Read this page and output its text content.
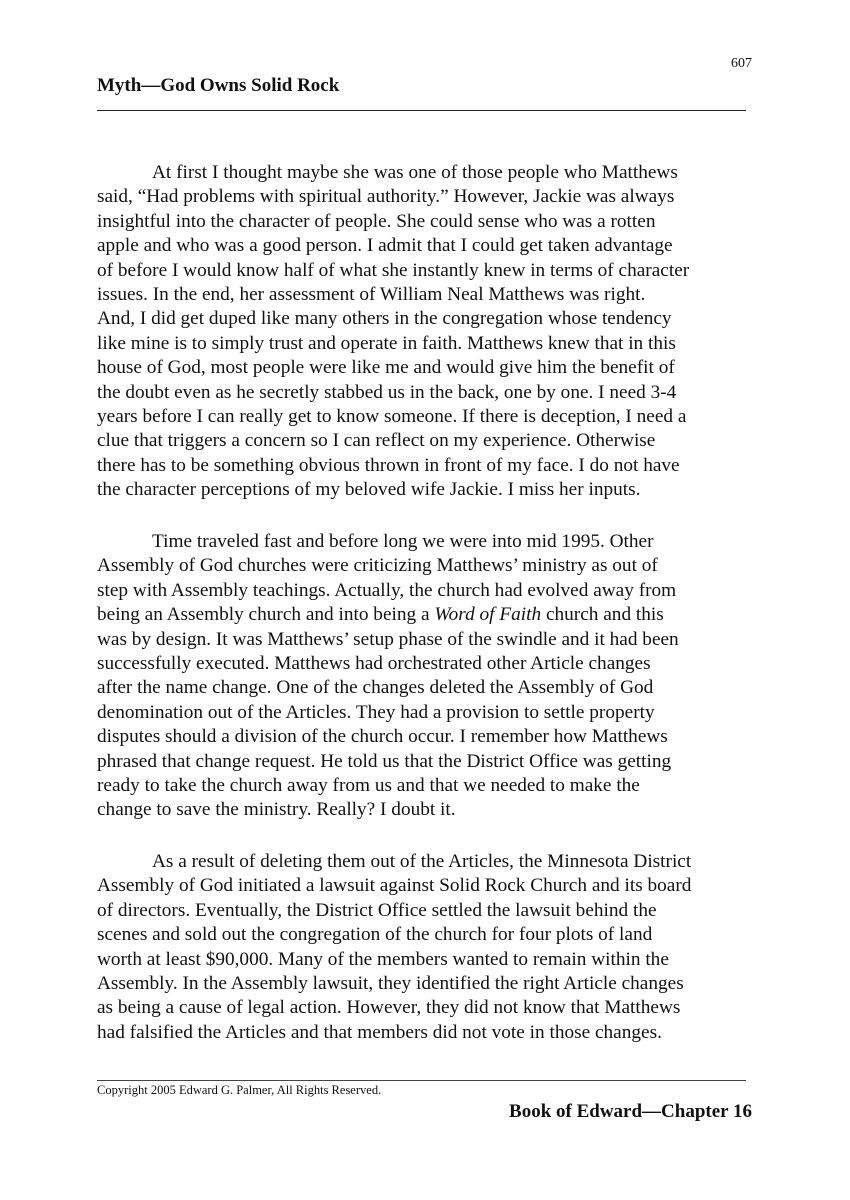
607
Myth—God Owns Solid Rock
At first I thought maybe she was one of those people who Matthews
said, “Had problems with spiritual authority.” However, Jackie was always
insightful into the character of people. She could sense who was a rotten
apple and who was a good person. I admit that I could get taken advantage
of before I would know half of what she instantly knew in terms of character
issues. In the end, her assessment of William Neal Matthews was right.
And, I did get duped like many others in the congregation whose tendency
like mine is to simply trust and operate in faith. Matthews knew that in this
house of God, most people were like me and would give him the benefit of
the doubt even as he secretly stabbed us in the back, one by one. I need 3-4
years before I can really get to know someone. If there is deception, I need a
clue that triggers a concern so I can reflect on my experience. Otherwise
there has to be something obvious thrown in front of my face. I do not have
the character perceptions of my beloved wife Jackie. I miss her inputs.
Time traveled fast and before long we were into mid 1995. Other
Assembly of God churches were criticizing Matthews’ ministry as out of
step with Assembly teachings. Actually, the church had evolved away from
being an Assembly church and into being a Word of Faith church and this
was by design. It was Matthews’ setup phase of the swindle and it had been
successfully executed. Matthews had orchestrated other Article changes
after the name change. One of the changes deleted the Assembly of God
denomination out of the Articles. They had a provision to settle property
disputes should a division of the church occur. I remember how Matthews
phrased that change request. He told us that the District Office was getting
ready to take the church away from us and that we needed to make the
change to save the ministry. Really? I doubt it.
As a result of deleting them out of the Articles, the Minnesota District
Assembly of God initiated a lawsuit against Solid Rock Church and its board
of directors. Eventually, the District Office settled the lawsuit behind the
scenes and sold out the congregation of the church for four plots of land
worth at least $90,000. Many of the members wanted to remain within the
Assembly. In the Assembly lawsuit, they identified the right Article changes
as being a cause of legal action. However, they did not know that Matthews
had falsified the Articles and that members did not vote in those changes.
Copyright 2005 Edward G. Palmer, All Rights Reserved.
Book of Edward—Chapter 16
